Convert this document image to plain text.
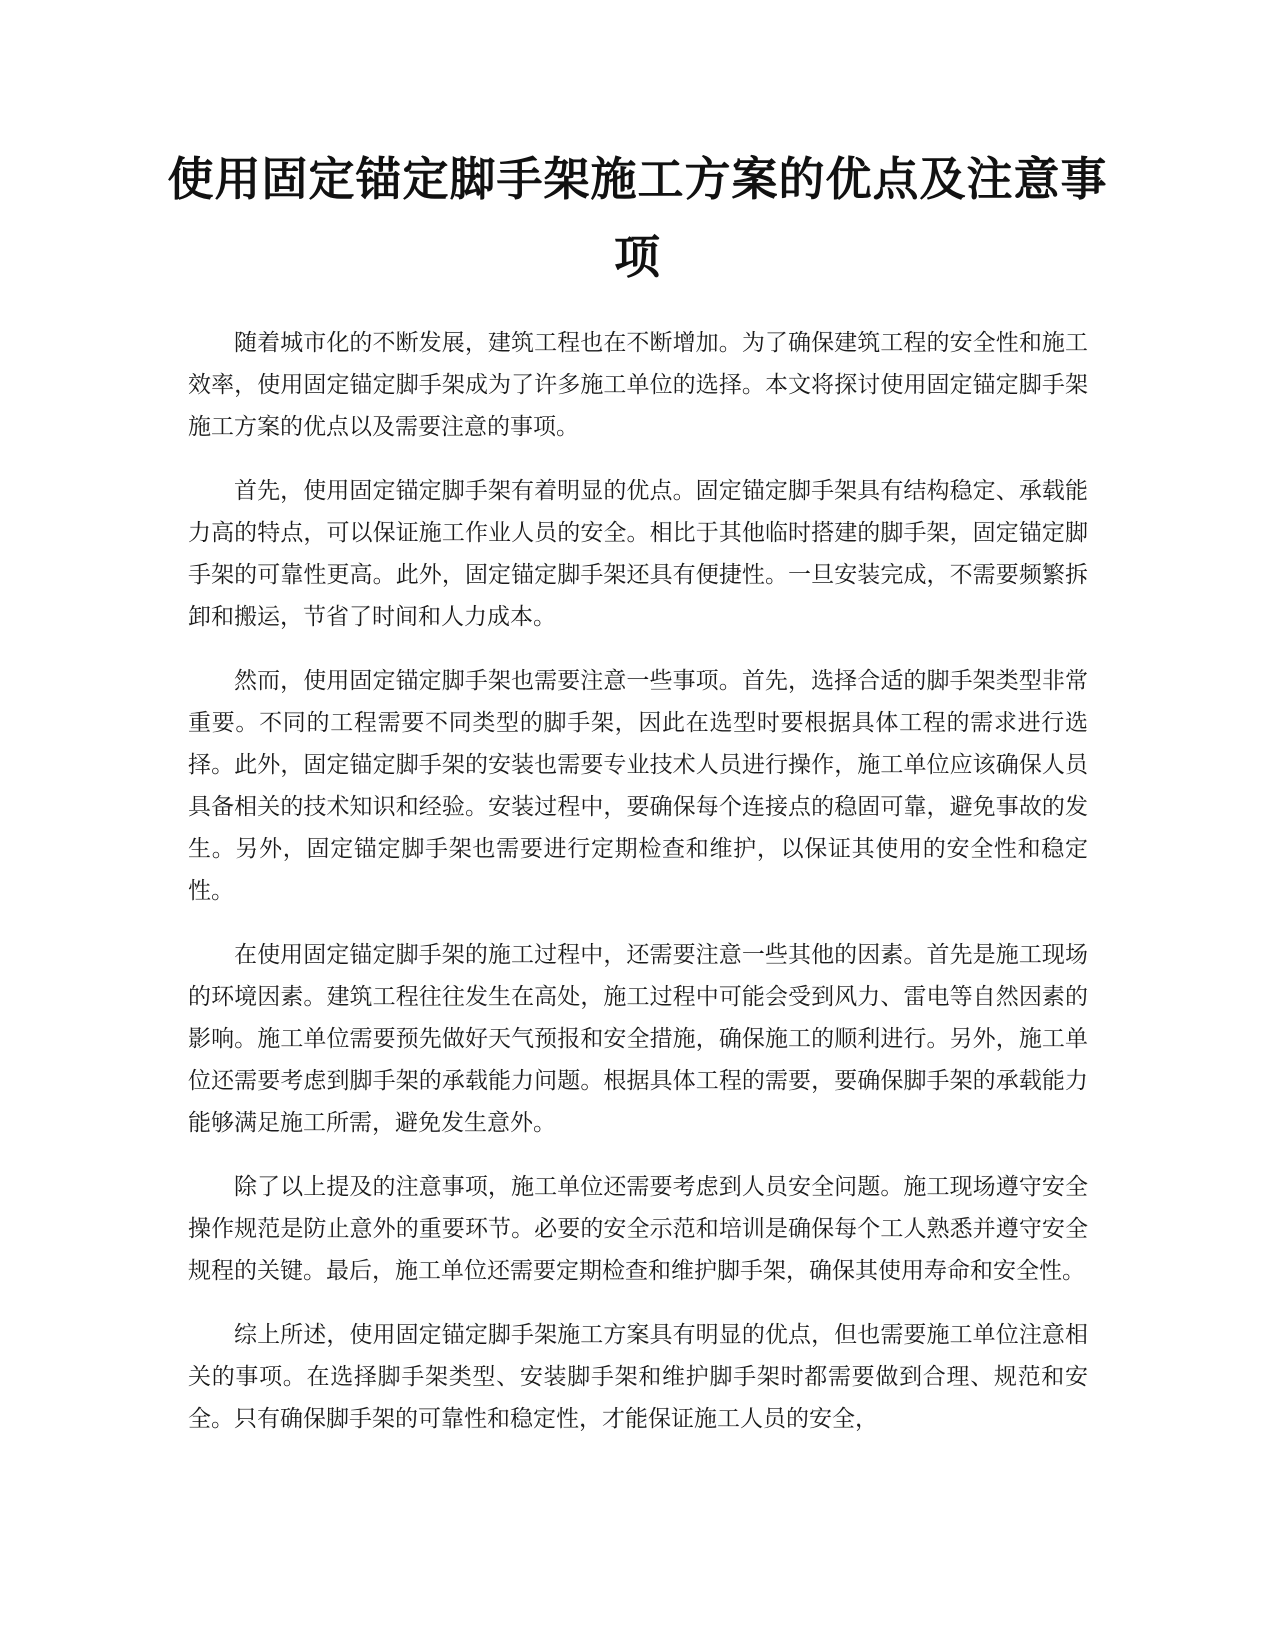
使用固定锚定脚手架施工方案的优点及注意事项

随着城市化的不断发展，建筑工程也在不断增加。为了确保建筑工程的安全性和施工效率，使用固定锚定脚手架成为了许多施工单位的选择。本文将探讨使用固定锚定脚手架施工方案的优点以及需要注意的事项。

首先，使用固定锚定脚手架有着明显的优点。固定锚定脚手架具有结构稳定、承载能力高的特点，可以保证施工作业人员的安全。相比于其他临时搭建的脚手架，固定锚定脚手架的可靠性更高。此外，固定锚定脚手架还具有便捷性。一旦安装完成，不需要频繁拆卸和搬运，节省了时间和人力成本。

然而，使用固定锚定脚手架也需要注意一些事项。首先，选择合适的脚手架类型非常重要。不同的工程需要不同类型的脚手架，因此在选型时要根据具体工程的需求进行选择。此外，固定锚定脚手架的安装也需要专业技术人员进行操作，施工单位应该确保人员具备相关的技术知识和经验。安装过程中，要确保每个连接点的稳固可靠，避免事故的发生。另外，固定锚定脚手架也需要进行定期检查和维护，以保证其使用的安全性和稳定性。

在使用固定锚定脚手架的施工过程中，还需要注意一些其他的因素。首先是施工现场的环境因素。建筑工程往往发生在高处，施工过程中可能会受到风力、雷电等自然因素的影响。施工单位需要预先做好天气预报和安全措施，确保施工的顺利进行。另外，施工单位还需要考虑到脚手架的承载能力问题。根据具体工程的需要，要确保脚手架的承载能力能够满足施工所需，避免发生意外。

除了以上提及的注意事项，施工单位还需要考虑到人员安全问题。施工现场遵守安全操作规范是防止意外的重要环节。必要的安全示范和培训是确保每个工人熟悉并遵守安全规程的关键。最后，施工单位还需要定期检查和维护脚手架，确保其使用寿命和安全性。

综上所述，使用固定锚定脚手架施工方案具有明显的优点，但也需要施工单位注意相关的事项。在选择脚手架类型、安装脚手架和维护脚手架时都需要做到合理、规范和安全。只有确保脚手架的可靠性和稳定性，才能保证施工人员的安全，
